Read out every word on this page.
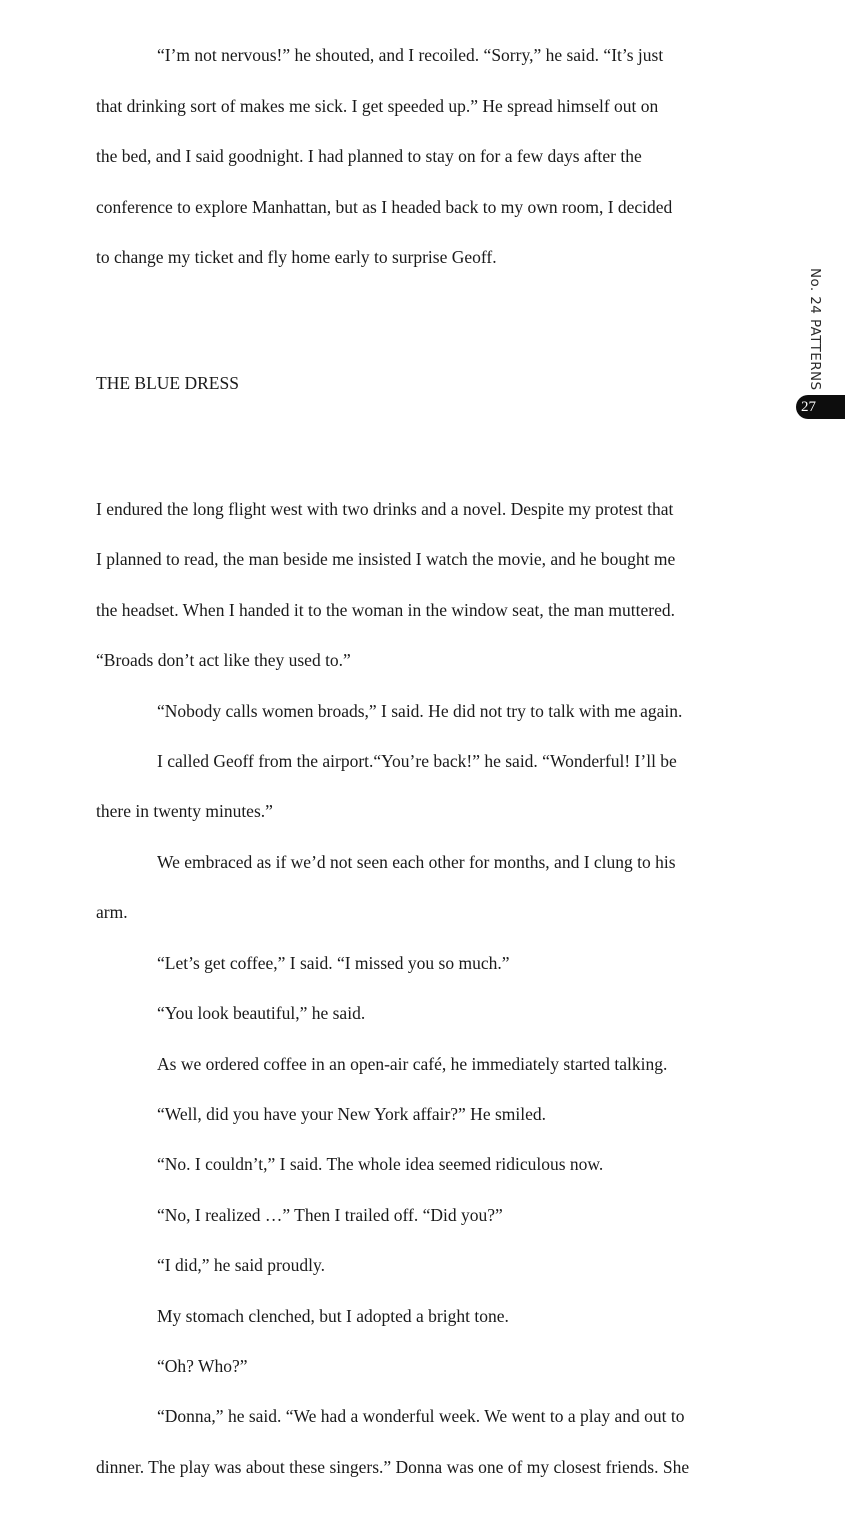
“I’m not nervous!” he shouted, and I recoiled. “Sorry,” he said. “It’s just

that drinking sort of makes me sick. I get speeded up.” He spread himself out on

the bed, and I said goodnight. I had planned to stay on for a few days after the

conference to explore Manhattan, but as I headed back to my own room, I decided

to change my ticket and fly home early to surprise Geoff.

THE BLUE DRESS

I endured the long flight west with two drinks and a novel. Despite my protest that

I planned to read, the man beside me insisted I watch the movie, and he bought me

the headset. When I handed it to the woman in the window seat, the man muttered.

“Broads don’t act like they used to.”

“Nobody calls women broads,” I said. He did not try to talk with me again.

I called Geoff from the airport.“You’re back!” he said. “Wonderful! I’ll be

there in twenty minutes.”

We embraced as if we’d not seen each other for months, and I clung to his

arm.

“Let’s get coffee,” I said. “I missed you so much.”

“You look beautiful,” he said.

As we ordered coffee in an open-air café, he immediately started talking.

“Well, did you have your New York affair?” He smiled.

“No. I couldn’t,” I said. The whole idea seemed ridiculous now.

“No, I realized …” Then I trailed off. “Did you?”

“I did,” he said proudly.

My stomach clenched, but I adopted a bright tone.

“Oh? Who?”

“Donna,” he said. “We had a wonderful week. We went to a play and out to

dinner. The play was about these singers.” Donna was one of my closest friends. She

No. 24 PATTERNS
27
